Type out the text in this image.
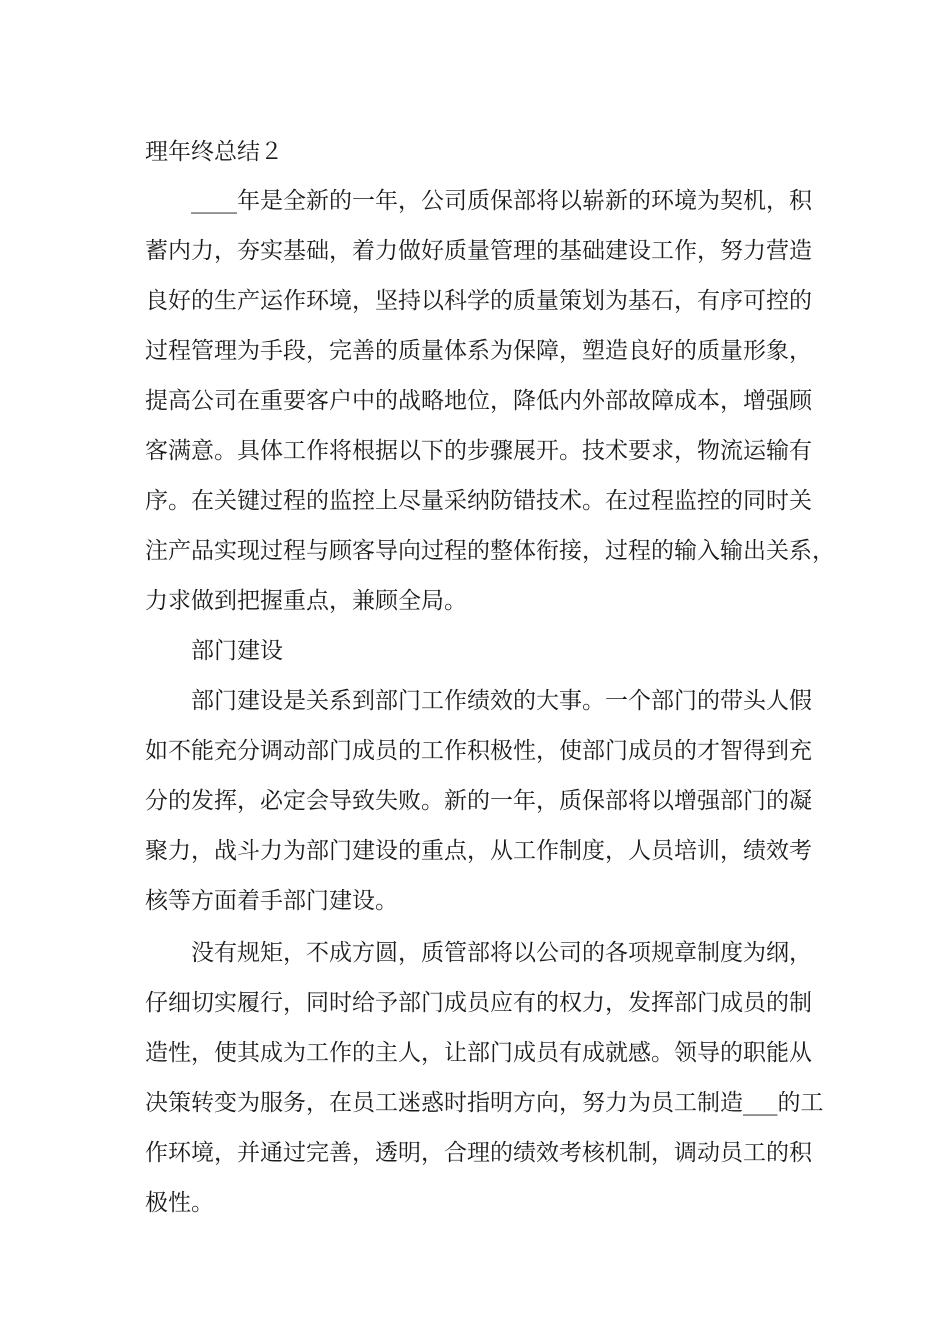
理年终总结２
____年是全新的一年，公司质保部将以崭新的环境为契机，积
蓄内力，夯实基础，着力做好质量管理的基础建设工作，努力营造
良好的生产运作环境，坚持以科学的质量策划为基石，有序可控的
过程管理为手段，完善的质量体系为保障，塑造良好的质量形象，
提高公司在重要客户中的战略地位，降低内外部故障成本，增强顾
客满意。具体工作将根据以下的步骤展开。技术要求，物流运输有
序。在关键过程的监控上尽量采纳防错技术。在过程监控的同时关
注产品实现过程与顾客导向过程的整体衔接，过程的输入输出关系，
力求做到把握重点，兼顾全局。
部门建设
部门建设是关系到部门工作绩效的大事。一个部门的带头人假
如不能充分调动部门成员的工作积极性，使部门成员的才智得到充
分的发挥，必定会导致失败。新的一年，质保部将以增强部门的凝
聚力，战斗力为部门建设的重点，从工作制度，人员培训，绩效考
核等方面着手部门建设。
没有规矩，不成方圆，质管部将以公司的各项规章制度为纲，
仔细切实履行，同时给予部门成员应有的权力，发挥部门成员的制
造性，使其成为工作的主人，让部门成员有成就感。领导的职能从
决策转变为服务，在员工迷惑时指明方向，努力为员工制造___的工
作环境，并通过完善，透明，合理的绩效考核机制，调动员工的积
极性。
